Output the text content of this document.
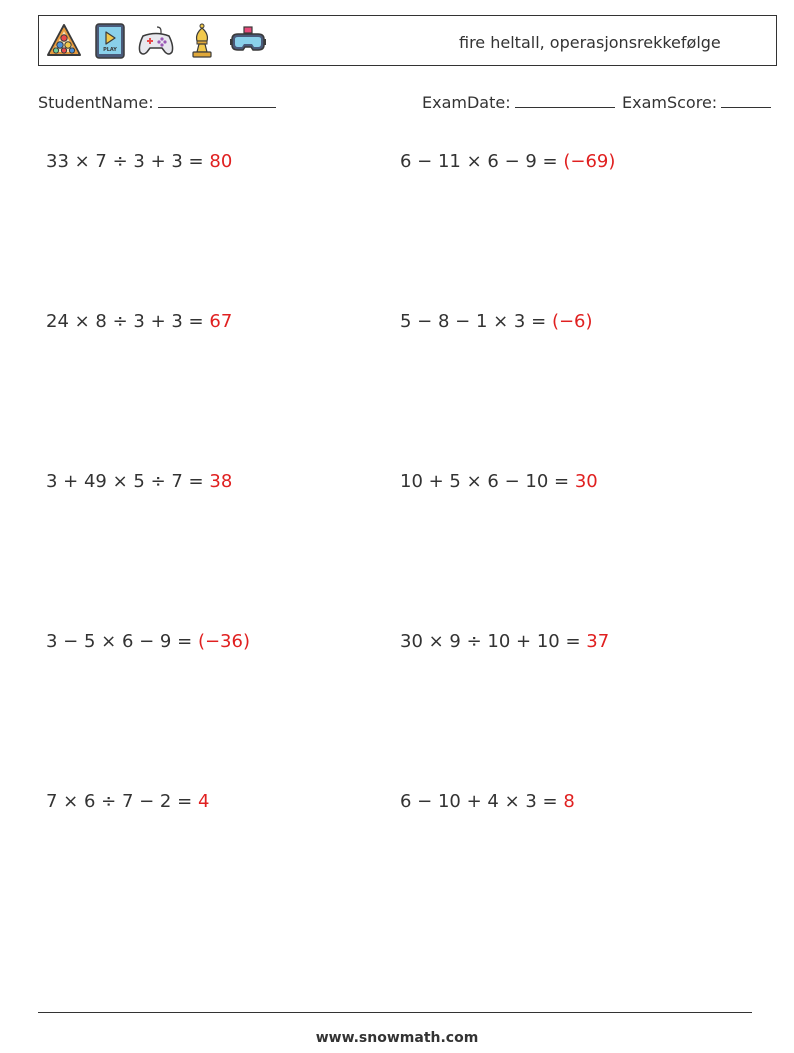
PLAY	fire heltall, operasjonsrekkefølge
StudentName:	ExamDate:	ExamScore:
33 × 7 ÷ 3 + 3 = 80	6 − 11 × 6 − 9 = (−69)
24 × 8 ÷ 3 + 3 = 67	5 − 8 − 1 × 3 = (−6)
3 + 49 × 5 ÷ 7 = 38	10 + 5 × 6 − 10 = 30
3 − 5 × 6 − 9 = (−36)	30 × 9 ÷ 10 + 10 = 37
7 × 6 ÷ 7 − 2 = 4	6 − 10 + 4 × 3 = 8
www.snowmath.com
